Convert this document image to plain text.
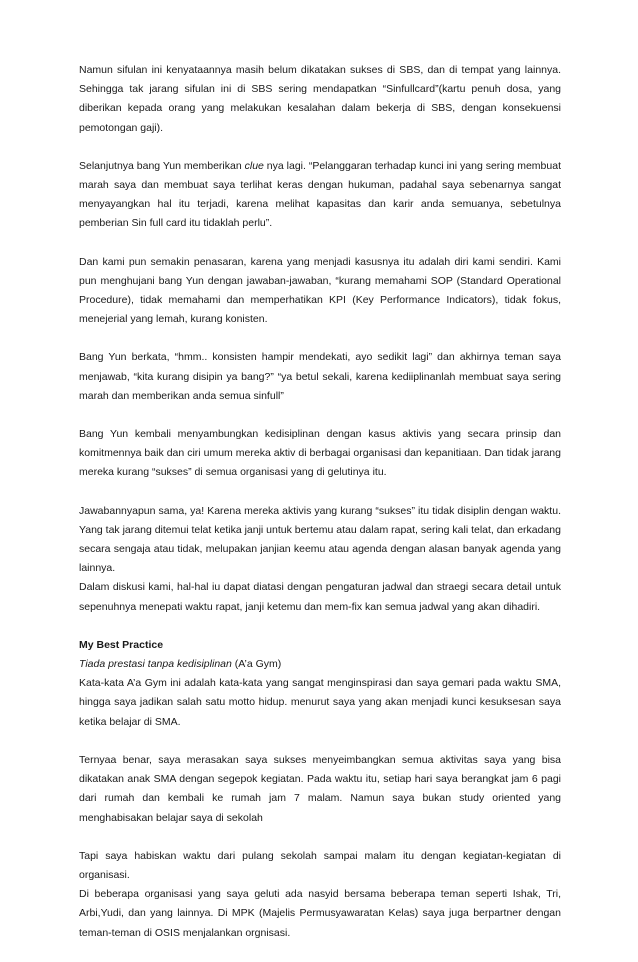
Namun sifulan ini kenyataannya masih belum dikatakan sukses di SBS, dan di tempat yang lainnya. Sehingga tak jarang sifulan ini di SBS sering mendapatkan “Sinfullcard”(kartu penuh dosa, yang diberikan kepada orang yang melakukan kesalahan dalam bekerja di SBS, dengan konsekuensi pemotongan gaji).

Selanjutnya bang Yun memberikan clue nya lagi. “Pelanggaran terhadap kunci ini yang sering membuat marah saya dan membuat saya terlihat keras dengan hukuman, padahal saya sebenarnya sangat menyayangkan hal itu terjadi, karena melihat kapasitas dan karir anda semuanya, sebetulnya pemberian Sin full card itu tidaklah perlu”.

Dan kami pun semakin penasaran, karena yang menjadi kasusnya itu adalah diri kami sendiri. Kami pun menghujani bang Yun dengan jawaban-jawaban, “kurang memahami SOP (Standard Operational Procedure), tidak memahami dan memperhatikan KPI (Key Performance Indicators), tidak fokus, menejerial yang lemah, kurang konisten.

Bang Yun berkata, “hmm.. konsisten hampir mendekati, ayo sedikit lagi” dan akhirnya teman saya menjawab, “kita kurang disipin ya bang?” “ya betul sekali, karena kediiplinanlah membuat saya sering marah dan memberikan anda semua sinfull”

Bang Yun kembali menyambungkan kedisiplinan dengan kasus aktivis yang secara prinsip dan komitmennya baik dan ciri umum mereka aktiv di berbagai organisasi dan kepanitiaan. Dan tidak jarang mereka kurang “sukses” di semua organisasi yang di gelutinya itu.

Jawabannyapun sama, ya! Karena mereka aktivis yang kurang “sukses” itu tidak disiplin dengan waktu. Yang tak jarang ditemui telat ketika janji untuk bertemu atau dalam rapat, sering kali telat, dan erkadang secara sengaja atau tidak, melupakan janjian keemu atau agenda dengan alasan banyak agenda yang lainnya.

Dalam diskusi kami, hal-hal iu dapat diatasi dengan pengaturan jadwal dan straegi secara detail untuk sepenuhnya menepati waktu rapat, janji ketemu dan mem-fix kan semua jadwal yang akan dihadiri.

My Best Practice

Tiada prestasi tanpa kedisiplinan (A’a Gym)

Kata-kata A’a Gym ini adalah kata-kata yang sangat menginspirasi dan saya gemari pada waktu SMA, hingga saya jadikan salah satu motto hidup. menurut saya yang akan menjadi kunci kesuksesan saya ketika belajar di SMA.

Ternyaa benar, saya merasakan saya sukses menyeimbangkan semua aktivitas saya yang bisa dikatakan anak SMA dengan segepok kegiatan. Pada waktu itu, setiap hari saya berangkat jam 6 pagi dari rumah dan kembali ke rumah jam 7 malam. Namun saya bukan study oriented yang menghabisakan belajar saya di sekolah

Tapi saya habiskan waktu dari pulang sekolah sampai malam itu dengan kegiatan-kegiatan di organisasi.

Di beberapa organisasi yang saya geluti ada nasyid bersama beberapa teman seperti Ishak, Tri, Arbi,Yudi, dan yang lainnya. Di MPK (Majelis Permusyawaratan Kelas) saya juga berpartner dengan teman-teman di OSIS menjalankan orgnisasi.
